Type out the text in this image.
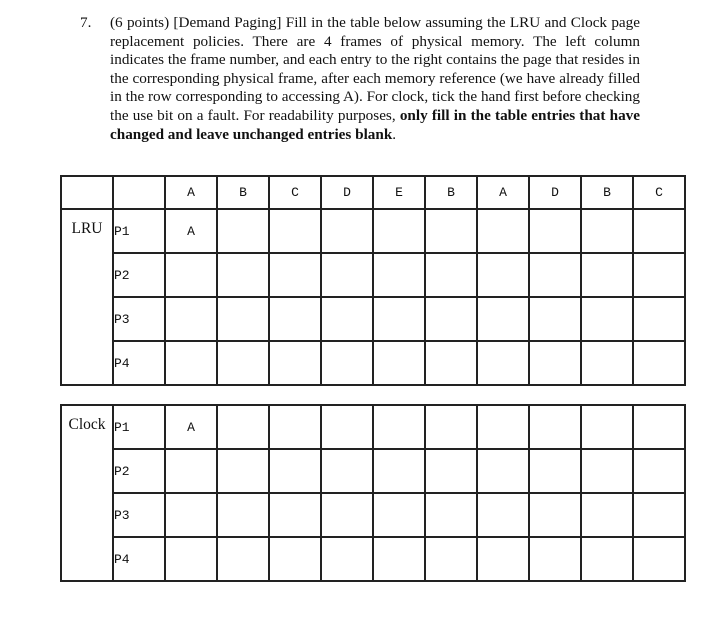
7. (6 points) [Demand Paging] Fill in the table below assuming the LRU and Clock page replacement policies. There are 4 frames of physical memory. The left column indicates the frame number, and each entry to the right contains the page that resides in the corresponding physical frame, after each memory reference (we have already filled in the row corresponding to accessing A). For clock, tick the hand first before checking the use bit on a fault. For readability purposes, only fill in the table entries that have changed and leave unchanged entries blank.
		A	B	C	D	E	B	A	D	B	C
LRU	P1	A									
	P2										
	P3										
	P4										
Clock	P1	A									
	P2										
	P3										
	P4										
